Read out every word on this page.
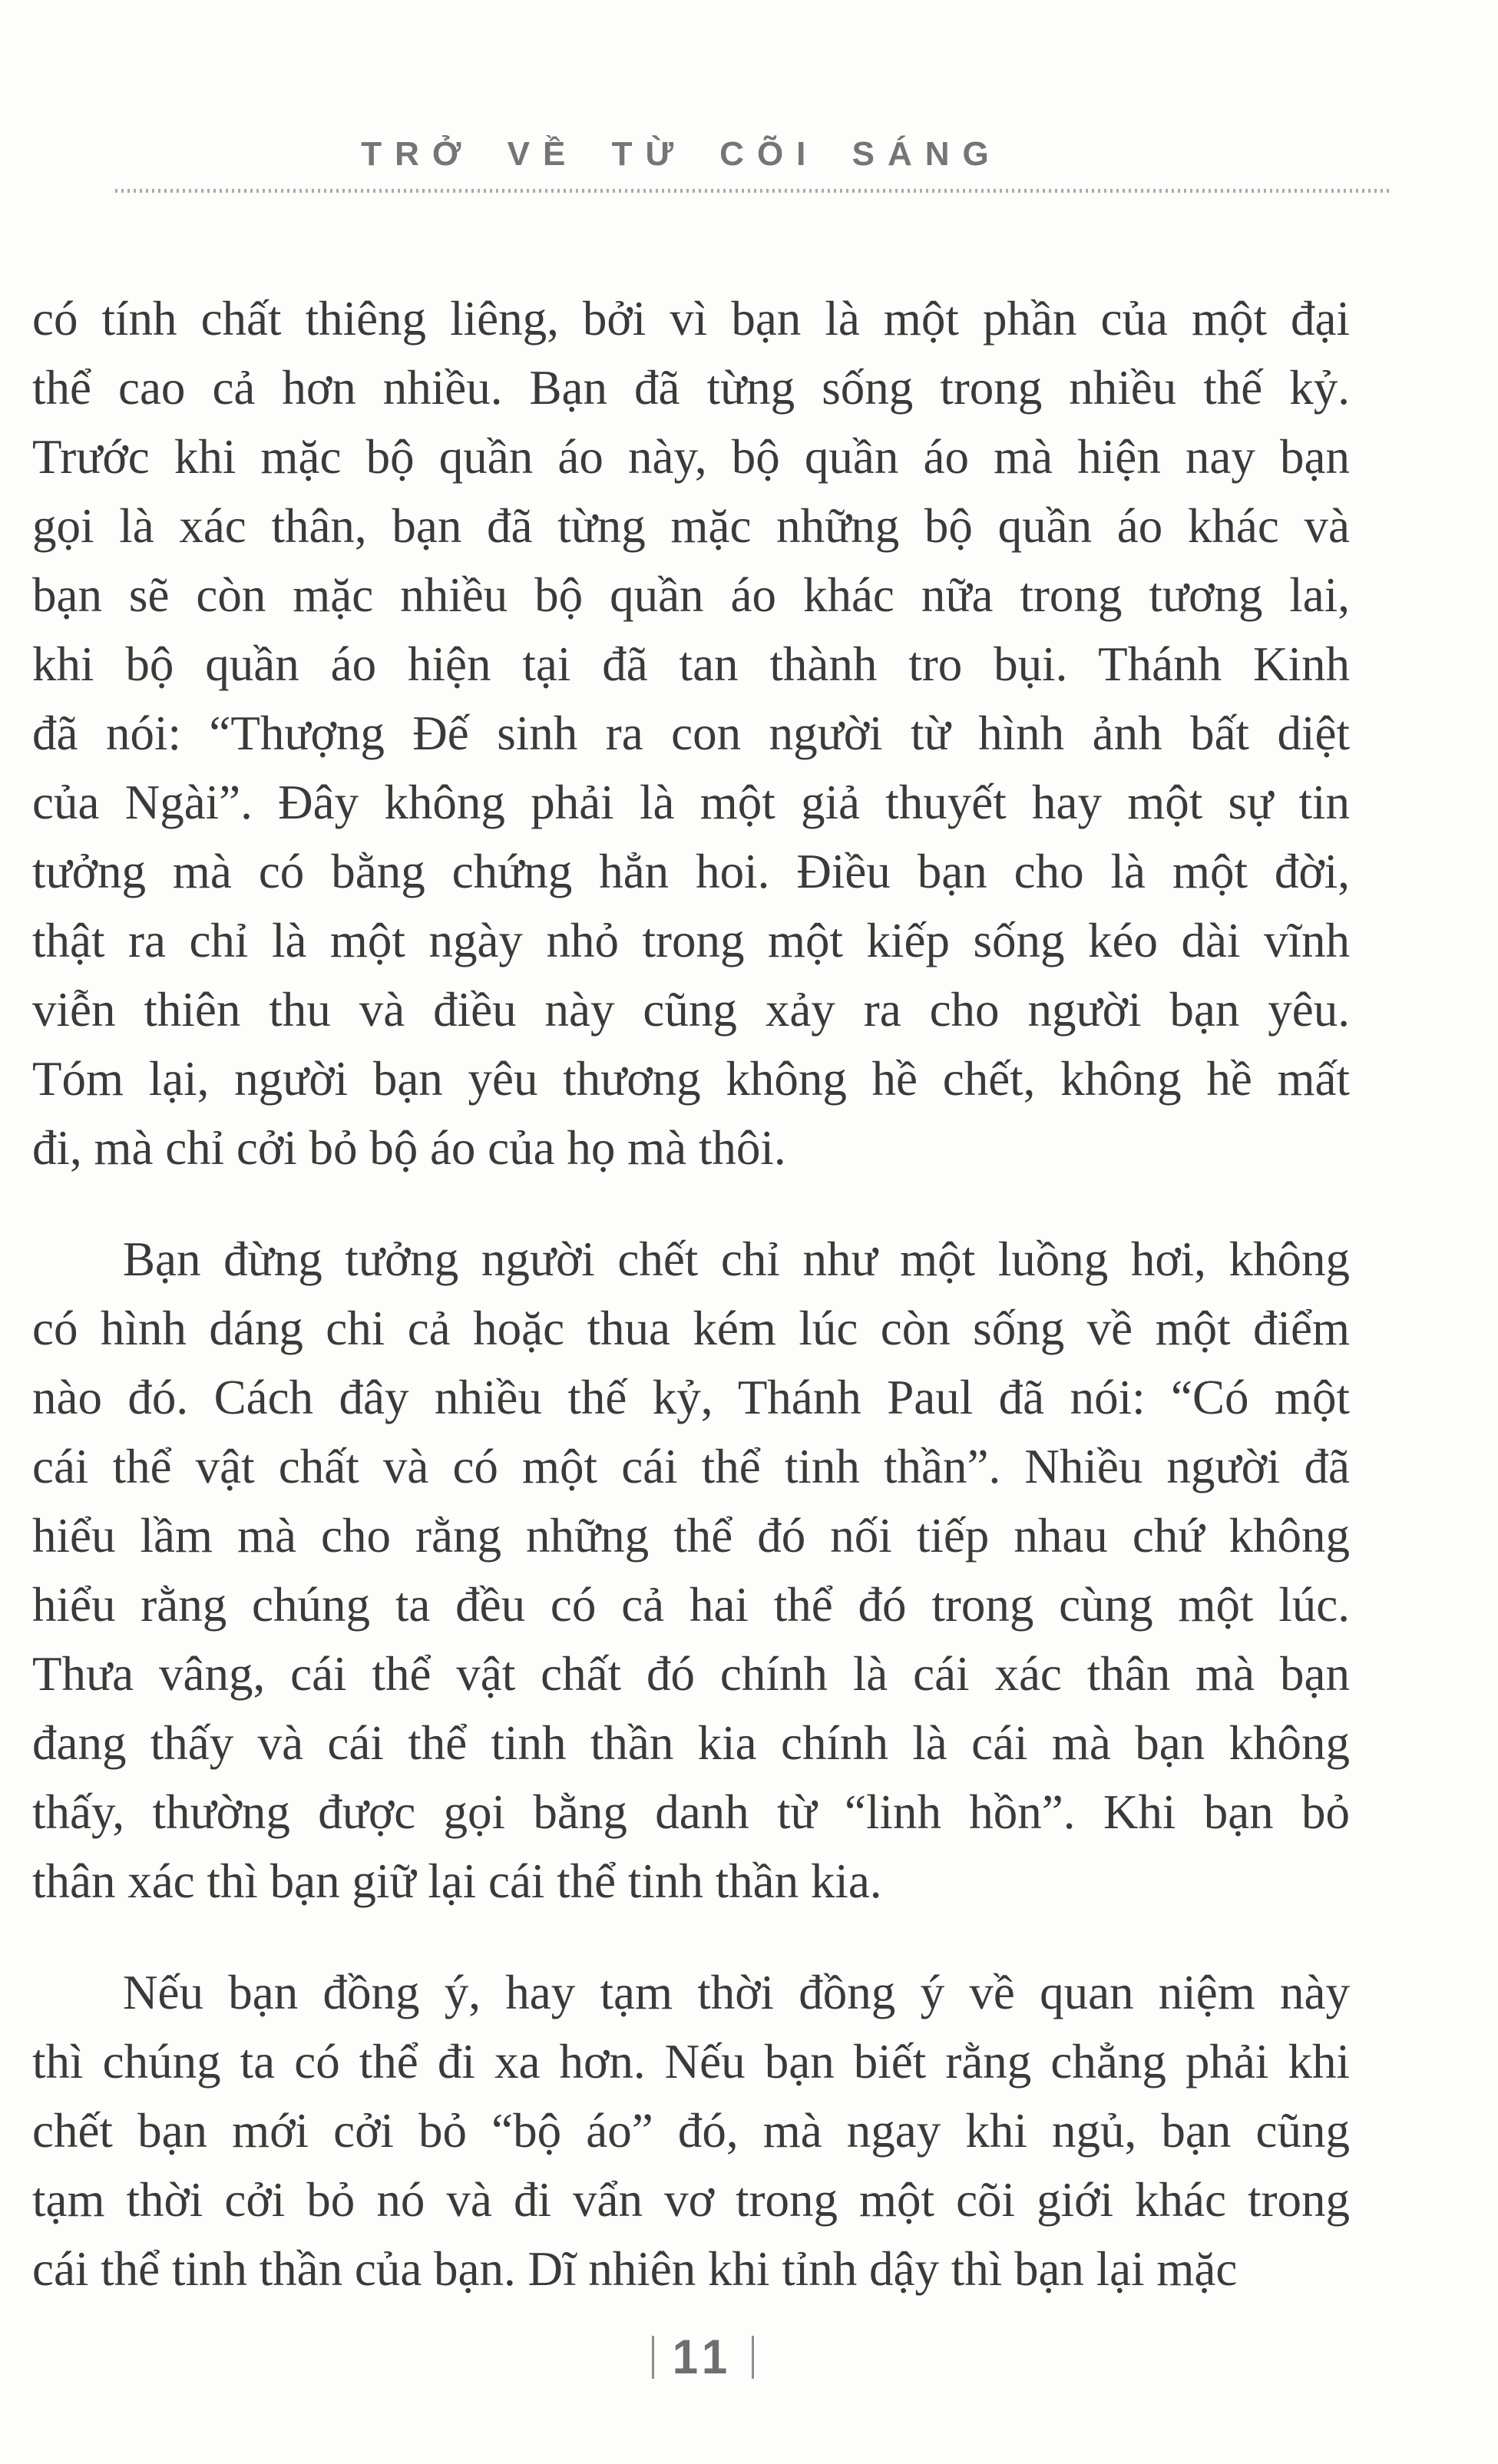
TRỞ VỀ TỪ CÕI SÁNG
có tính chất thiêng liêng, bởi vì bạn là một phần của một đại
thể cao cả hơn nhiều. Bạn đã từng sống trong nhiều thế kỷ.
Trước khi mặc bộ quần áo này, bộ quần áo mà hiện nay bạn
gọi là xác thân, bạn đã từng mặc những bộ quần áo khác và
bạn sẽ còn mặc nhiều bộ quần áo khác nữa trong tương lai,
khi bộ quần áo hiện tại đã tan thành tro bụi. Thánh Kinh
đã nói: “Thượng Đế sinh ra con người từ hình ảnh bất diệt
của Ngài”. Đây không phải là một giả thuyết hay một sự tin
tưởng mà có bằng chứng hẳn hoi. Điều bạn cho là một đời,
thật ra chỉ là một ngày nhỏ trong một kiếp sống kéo dài vĩnh
viễn thiên thu và điều này cũng xảy ra cho người bạn yêu.
Tóm lại, người bạn yêu thương không hề chết, không hề mất
đi, mà chỉ cởi bỏ bộ áo của họ mà thôi.
Bạn đừng tưởng người chết chỉ như một luồng hơi, không
có hình dáng chi cả hoặc thua kém lúc còn sống về một điểm
nào đó. Cách đây nhiều thế kỷ, Thánh Paul đã nói: “Có một
cái thể vật chất và có một cái thể tinh thần”. Nhiều người đã
hiểu lầm mà cho rằng những thể đó nối tiếp nhau chứ không
hiểu rằng chúng ta đều có cả hai thể đó trong cùng một lúc.
Thưa vâng, cái thể vật chất đó chính là cái xác thân mà bạn
đang thấy và cái thể tinh thần kia chính là cái mà bạn không
thấy, thường được gọi bằng danh từ “linh hồn”. Khi bạn bỏ
thân xác thì bạn giữ lại cái thể tinh thần kia.
Nếu bạn đồng ý, hay tạm thời đồng ý về quan niệm này
thì chúng ta có thể đi xa hơn. Nếu bạn biết rằng chẳng phải khi
chết bạn mới cởi bỏ “bộ áo” đó, mà ngay khi ngủ, bạn cũng
tạm thời cởi bỏ nó và đi vẩn vơ trong một cõi giới khác trong
cái thể tinh thần của bạn. Dĩ nhiên khi tỉnh dậy thì bạn lại mặc
11
